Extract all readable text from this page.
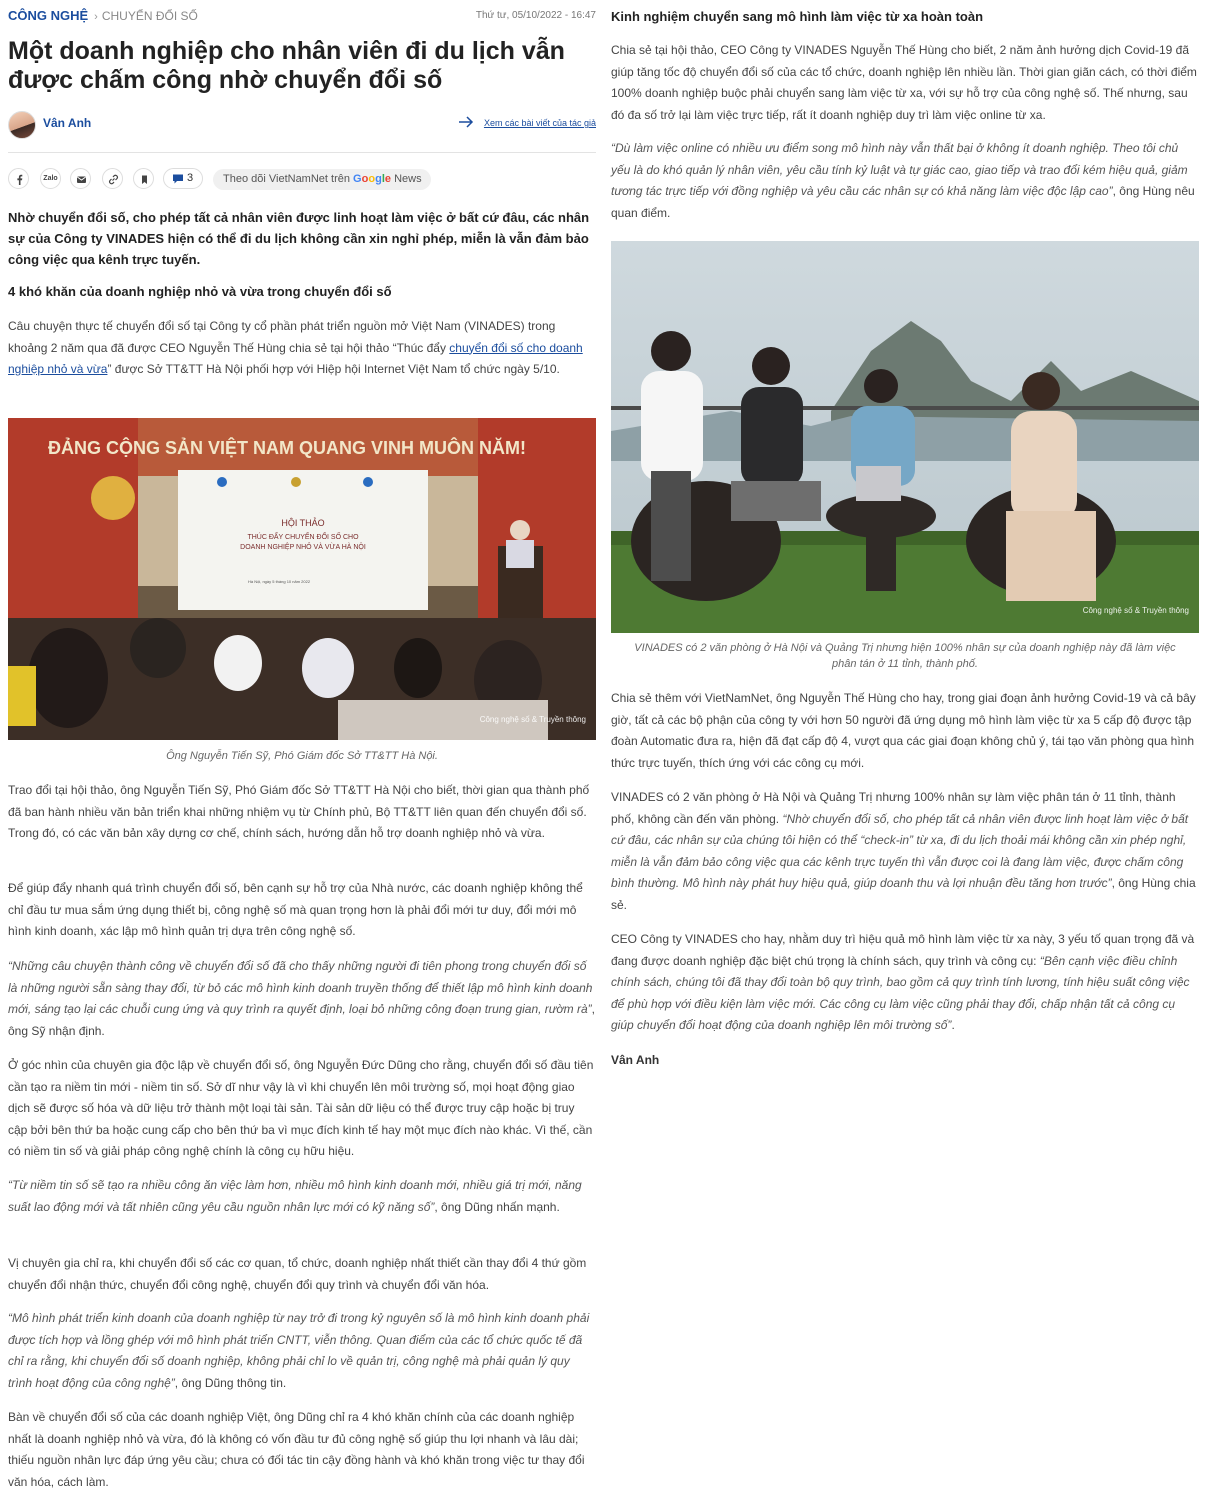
CÔNG NGHỆ › CHUYỂN ĐỔI SỐ	Thứ tư, 05/10/2022 - 16:47
Một doanh nghiệp cho nhân viên đi du lịch vẫn được chấm công nhờ chuyển đổi số
Vân Anh	Xem các bài viết của tác giả
Zalo	3	Theo dõi VietNamNet trên Google News

Nhờ chuyển đổi số, cho phép tất cả nhân viên được linh hoạt làm việc ở bất cứ đâu, các nhân sự của Công ty VINADES hiện có thể đi du lịch không cần xin nghỉ phép, miễn là vẫn đảm bảo công việc qua kênh trực tuyến.

4 khó khăn của doanh nghiệp nhỏ và vừa trong chuyển đổi số

Câu chuyện thực tế chuyển đổi số tại Công ty cổ phần phát triển nguồn mở Việt Nam (VINADES) trong khoảng 2 năm qua đã được CEO Nguyễn Thế Hùng chia sẻ tại hội thảo “Thúc đẩy chuyển đổi số cho doanh nghiệp nhỏ và vừa” được Sở TT&TT Hà Nội phối hợp với Hiệp hội Internet Việt Nam tổ chức ngày 5/10.

ĐẢNG CỘNG SẢN VIỆT NAM QUANG VINH MUÔN NĂM!
HỘI THẢO
THÚC ĐẨY CHUYỂN ĐỔI SỐ CHO
DOANH NGHIỆP NHỎ VÀ VỪA HÀ NỘI
Hà Nội, ngày 5 tháng 10 năm 2022
Công nghệ số & Truyền thông

Ông Nguyễn Tiến Sỹ, Phó Giám đốc Sở TT&TT Hà Nội.

Trao đổi tại hội thảo, ông Nguyễn Tiến Sỹ, Phó Giám đốc Sở TT&TT Hà Nội cho biết, thời gian qua thành phố đã ban hành nhiều văn bản triển khai những nhiệm vụ từ Chính phủ, Bộ TT&TT liên quan đến chuyển đổi số. Trong đó, có các văn bản xây dựng cơ chế, chính sách, hướng dẫn hỗ trợ doanh nghiệp nhỏ và vừa.

Để giúp đẩy nhanh quá trình chuyển đổi số, bên cạnh sự hỗ trợ của Nhà nước, các doanh nghiệp không thể chỉ đầu tư mua sắm ứng dụng thiết bị, công nghệ số mà quan trọng hơn là phải đổi mới tư duy, đổi mới mô hình kinh doanh, xác lập mô hình quản trị dựa trên công nghệ số.

“Những câu chuyện thành công về chuyển đổi số đã cho thấy những người đi tiên phong trong chuyển đổi số là những người sẵn sàng thay đổi, từ bỏ các mô hình kinh doanh truyền thống để thiết lập mô hình kinh doanh mới, sáng tạo lại các chuỗi cung ứng và quy trình ra quyết định, loại bỏ những công đoạn trung gian, rườm rà”, ông Sỹ nhận định.

Ở góc nhìn của chuyên gia độc lập về chuyển đổi số, ông Nguyễn Đức Dũng cho rằng, chuyển đổi số đầu tiên cần tạo ra niềm tin mới - niềm tin số. Sở dĩ như vậy là vì khi chuyển lên môi trường số, mọi hoạt động giao dịch sẽ được số hóa và dữ liệu trở thành một loại tài sản. Tài sản dữ liệu có thể được truy cập hoặc bị truy cập bởi bên thứ ba hoặc cung cấp cho bên thứ ba vì mục đích kinh tế hay một mục đích nào khác. Vì thế, cần có niềm tin số và giải pháp công nghệ chính là công cụ hữu hiệu.

“Từ niềm tin số sẽ tạo ra nhiều công ăn việc làm hơn, nhiều mô hình kinh doanh mới, nhiều giá trị mới, năng suất lao động mới và tất nhiên cũng yêu cầu nguồn nhân lực mới có kỹ năng số”, ông Dũng nhấn mạnh.

Vị chuyên gia chỉ ra, khi chuyển đổi số các cơ quan, tổ chức, doanh nghiệp nhất thiết cần thay đổi 4 thứ gồm chuyển đổi nhận thức, chuyển đổi công nghệ, chuyển đổi quy trình và chuyển đổi văn hóa.

“Mô hình phát triển kinh doanh của doanh nghiệp từ nay trở đi trong kỷ nguyên số là mô hình kinh doanh phải được tích hợp và lồng ghép với mô hình phát triển CNTT, viễn thông. Quan điểm của các tổ chức quốc tế đã chỉ ra rằng, khi chuyển đổi số doanh nghiệp, không phải chỉ lo về quản trị, công nghệ mà phải quản lý quy trình hoạt động của công nghệ”, ông Dũng thông tin.

Bàn về chuyển đổi số của các doanh nghiệp Việt, ông Dũng chỉ ra 4 khó khăn chính của các doanh nghiệp nhất là doanh nghiệp nhỏ và vừa, đó là không có vốn đầu tư đủ công nghệ số giúp thu lợi nhanh và lâu dài; thiếu nguồn nhân lực đáp ứng yêu cầu; chưa có đối tác tin cậy đồng hành và khó khăn trong việc tư thay đổi văn hóa, cách làm.

Kinh nghiệm chuyển sang mô hình làm việc từ xa hoàn toàn

Chia sẻ tại hội thảo, CEO Công ty VINADES Nguyễn Thế Hùng cho biết, 2 năm ảnh hưởng dịch Covid-19 đã giúp tăng tốc độ chuyển đổi số của các tổ chức, doanh nghiệp lên nhiều lần. Thời gian giãn cách, có thời điểm 100% doanh nghiệp buộc phải chuyển sang làm việc từ xa, với sự hỗ trợ của công nghệ số. Thế nhưng, sau đó đa số trở lại làm việc trực tiếp, rất ít doanh nghiệp duy trì làm việc online từ xa.

“Dù làm việc online có nhiều ưu điểm song mô hình này vẫn thất bại ở không ít doanh nghiệp. Theo tôi chủ yếu là do khó quản lý nhân viên, yêu cầu tính kỷ luật và tự giác cao, giao tiếp và trao đổi kém hiệu quả, giảm tương tác trực tiếp với đồng nghiệp và yêu cầu các nhân sự có khả năng làm việc độc lập cao”, ông Hùng nêu quan điểm.

Công nghệ số & Truyền thông

VINADES có 2 văn phòng ở Hà Nội và Quảng Trị nhưng hiện 100% nhân sự của doanh nghiệp này đã làm việc phân tán ở 11 tỉnh, thành phố.

Chia sẻ thêm với VietNamNet, ông Nguyễn Thế Hùng cho hay, trong giai đoạn ảnh hưởng Covid-19 và cả bây giờ, tất cả các bộ phận của công ty với hơn 50 người đã ứng dụng mô hình làm việc từ xa 5 cấp độ được tập đoàn Automatic đưa ra, hiện đã đạt cấp độ 4, vượt qua các giai đoạn không chủ ý, tái tạo văn phòng qua hình thức trực tuyến, thích ứng với các công cụ mới.

VINADES có 2 văn phòng ở Hà Nội và Quảng Trị nhưng 100% nhân sự làm việc phân tán ở 11 tỉnh, thành phố, không cần đến văn phòng. “Nhờ chuyển đổi số, cho phép tất cả nhân viên được linh hoạt làm việc ở bất cứ đâu, các nhân sự của chúng tôi hiện có thể “check-in” từ xa, đi du lịch thoải mái không cần xin phép nghỉ, miễn là vẫn đảm bảo công việc qua các kênh trực tuyến thì vẫn được coi là đang làm việc, được chấm công bình thường. Mô hình này phát huy hiệu quả, giúp doanh thu và lợi nhuận đều tăng hơn trước”, ông Hùng chia sẻ.

CEO Công ty VINADES cho hay, nhằm duy trì hiệu quả mô hình làm việc từ xa này, 3 yếu tố quan trọng đã và đang được doanh nghiệp đặc biệt chú trọng là chính sách, quy trình và công cụ: “Bên cạnh việc điều chỉnh chính sách, chúng tôi đã thay đổi toàn bộ quy trình, bao gồm cả quy trình tính lương, tính hiệu suất công việc để phù hợp với điều kiện làm việc mới. Các công cụ làm việc cũng phải thay đổi, chấp nhận tất cả công cụ giúp chuyển đổi hoạt động của doanh nghiệp lên môi trường số”.

Vân Anh
